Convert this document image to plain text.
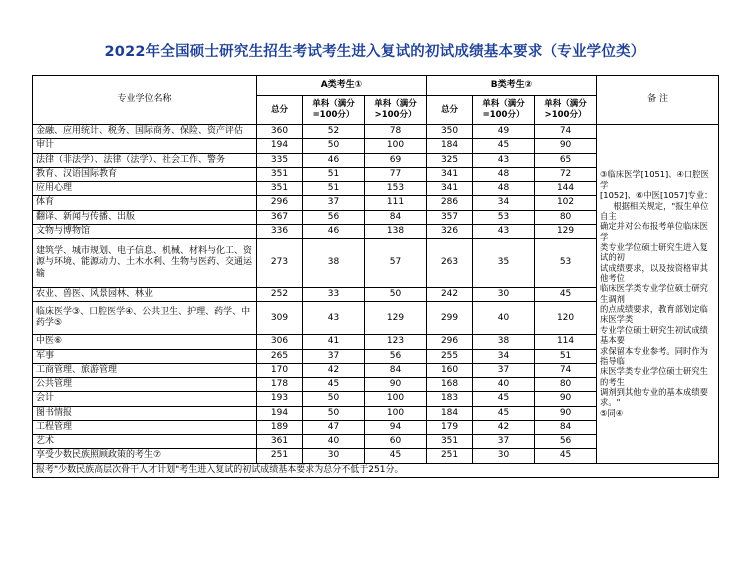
2022年全国硕士研究生招生考试考生进入复试的初试成绩基本要求（专业学位类）
专业学位名称	A类考生①			B类考生②			备 注
	总分	单科（满分=100分）	单科（满分>100分）	总分	单科（满分=100分）	单科（满分>100分）	
金融、应用统计、税务、国际商务、保险、资产评估	360	52	78	350	49	74	

③临床医学[1051]、④口腔医学

[1052]、⑥中医[1057]专业：

根据相关规定，"报生单位自主

确定并对公布报考单位临床医学

类专业学位硕士研究生进入复试的初

试成绩要求，以及按资格审其他考位

临床医学类专业学位硕士研究生调剂

的点成绩要求，教育部划定临床医学类

专业学位硕士研究生初试成绩基本要

求保留本专业参考。同时作为指导临

床医学类专业学位硕士研究生的考生

调剂到其他专业的基本成绩要求。"

⑤同④

审计	194	50	100	184	45	90	
法律（非法学）、法律（法学）、社会工作、警务	335	46	69	325	43	65	
教育、汉语国际教育	351	51	77	341	48	72	
应用心理	351	51	153	341	48	144	
体育	296	37	111	286	34	102	
翻译、新闻与传播、出版	367	56	84	357	53	80	
文物与博物馆	336	46	138	326	43	129	
建筑学、城市规划、电子信息、机械、材料与化工、资源与环境、能源动力、土木水利、生物与医药、交通运输	273	38	57	263	35	53	
农业、兽医、风景园林、林业	252	33	50	242	30	45	
临床医学③、口腔医学④、公共卫生、护理、药学、中药学⑤	309	43	129	299	40	120	
中医⑥	306	41	123	296	38	114	
军事	265	37	56	255	34	51	
工商管理、旅游管理	170	42	84	160	37	74	
公共管理	178	45	90	168	40	80	
会计	193	50	100	183	45	90	
图书情报	194	50	100	184	45	90	
工程管理	189	47	94	179	42	84	
艺术	361	40	60	351	37	56	
享受少数民族照顾政策的考生⑦	251	30	45	251	30	45	
报考"少数民族高层次骨干人才计划"考生进入复试的初试成绩基本要求为总分不低于251分。							
